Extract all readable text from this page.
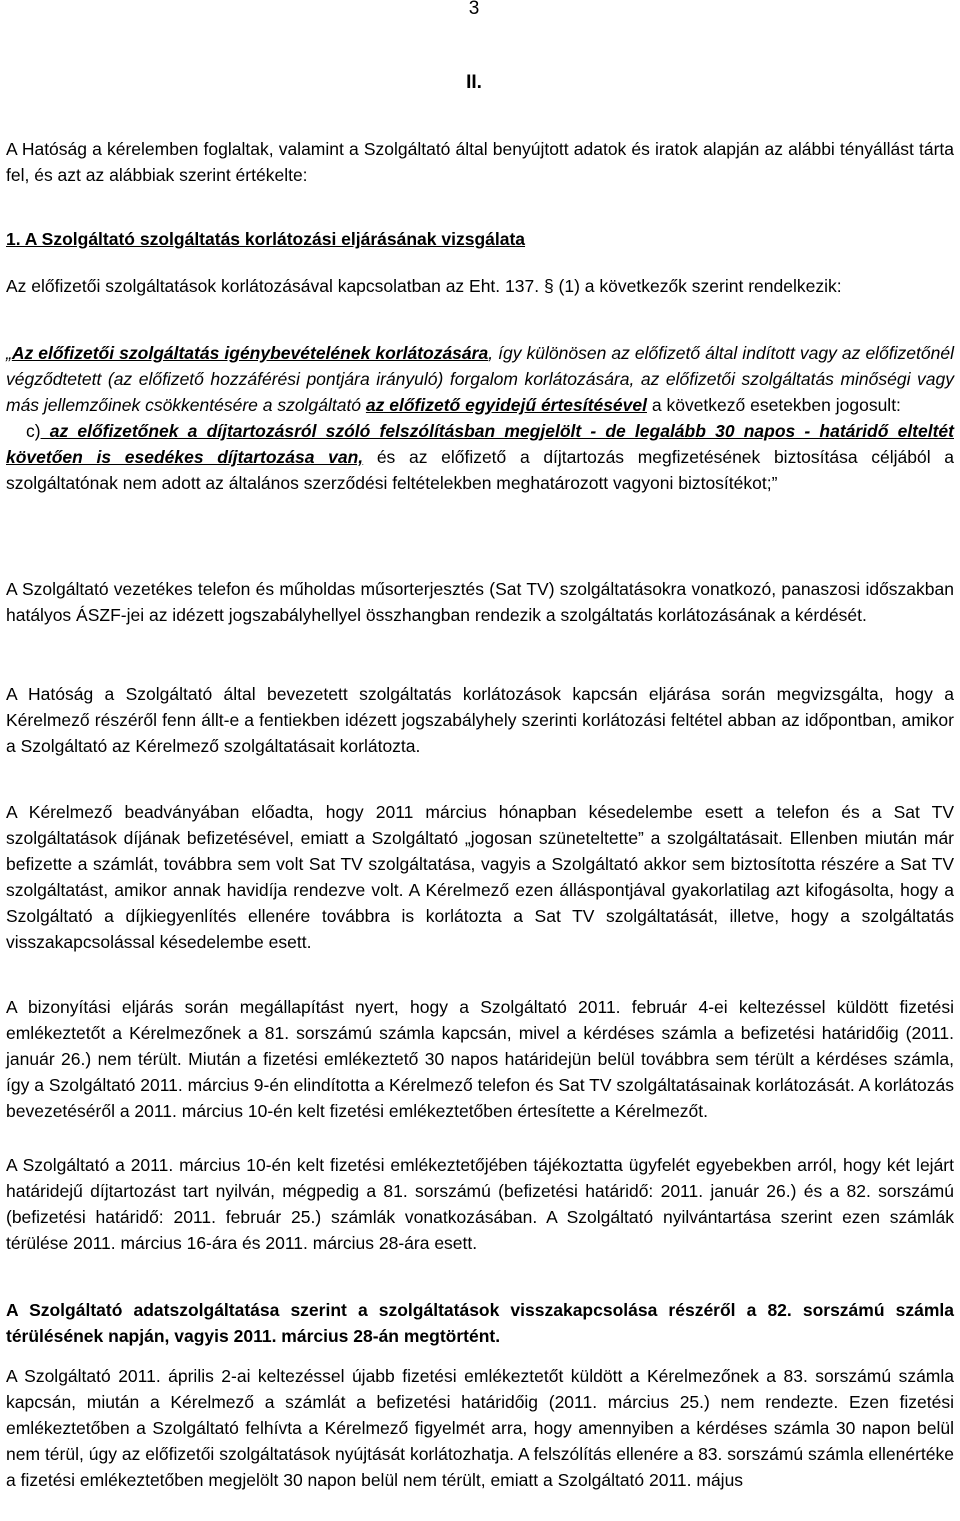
3
II.

A Hatóság a kérelemben foglaltak, valamint a Szolgáltató által benyújtott adatok és iratok alapján az alábbi tényállást tárta fel, és azt az alábbiak szerint értékelte:

1. A Szolgáltató szolgáltatás korlátozási eljárásának vizsgálata

Az előfizetői szolgáltatások korlátozásával kapcsolatban az Eht. 137. § (1) a következők szerint rendelkezik:

„Az előfizetői szolgáltatás igénybevételének korlátozására, így különösen az előfizető által indított vagy az előfizetőnél végződtetett (az előfizető hozzáférési pontjára irányuló) forgalom korlátozására, az előfizetői szolgáltatás minőségi vagy más jellemzőinek csökkentésére a szolgáltató az előfizető egyidejű értesítésével a következő esetekben jogosult:
c) az előfizetőnek a díjtartozásról szóló felszólításban megjelölt - de legalább 30 napos - határidő elteltét követően is esedékes díjtartozása van, és az előfizető a díjtartozás megfizetésének biztosítása céljából a szolgáltatónak nem adott az általános szerződési feltételekben meghatározott vagyoni biztosítékot;”

A Szolgáltató vezetékes telefon és műholdas műsorterjesztés (Sat TV) szolgáltatásokra vonatkozó, panaszosi időszakban hatályos ÁSZF-jei az idézett jogszabályhellyel összhangban rendezik a szolgáltatás korlátozásának a kérdését.

A Hatóság a Szolgáltató által bevezetett szolgáltatás korlátozások kapcsán eljárása során megvizsgálta, hogy a Kérelmező részéről fenn állt-e a fentiekben idézett jogszabályhely szerinti korlátozási feltétel abban az időpontban, amikor a Szolgáltató az Kérelmező szolgáltatásait korlátozta.

A Kérelmező beadványában előadta, hogy 2011 március hónapban késedelembe esett a telefon és a Sat TV szolgáltatások díjának befizetésével, emiatt a Szolgáltató „jogosan szüneteltette” a szolgáltatásait. Ellenben miután már befizette a számlát, továbbra sem volt Sat TV szolgáltatása, vagyis a Szolgáltató akkor sem biztosította részére a Sat TV szolgáltatást, amikor annak havidíja rendezve volt. A Kérelmező ezen álláspontjával gyakorlatilag azt kifogásolta, hogy a Szolgáltató a díjkiegyenlítés ellenére továbbra is korlátozta a Sat TV szolgáltatását, illetve, hogy a szolgáltatás visszakapcsolással késedelembe esett.

A bizonyítási eljárás során megállapítást nyert, hogy a Szolgáltató 2011. február 4-ei keltezéssel küldött fizetési emlékeztetőt a Kérelmezőnek a 81. sorszámú számla kapcsán, mivel a kérdéses számla a befizetési határidőig (2011. január 26.) nem térült. Miután a fizetési emlékeztető 30 napos határidejün belül továbbra sem térült a kérdéses számla, így a Szolgáltató 2011. március 9-én elindította a Kérelmező telefon és Sat TV szolgáltatásainak korlátozását. A korlátozás bevezetéséről a 2011. március 10-én kelt fizetési emlékeztetőben értesítette a Kérelmezőt.

A Szolgáltató a 2011. március 10-én kelt fizetési emlékeztetőjében tájékoztatta ügyfelét egyebekben arról, hogy két lejárt határidejű díjtartozást tart nyilván, mégpedig a 81. sorszámú (befizetési határidő: 2011. január 26.) és a 82. sorszámú (befizetési határidő: 2011. február 25.) számlák vonatkozásában. A Szolgáltató nyilvántartása szerint ezen számlák térülése 2011. március 16-ára és 2011. március 28-ára esett.

A Szolgáltató adatszolgáltatása szerint a szolgáltatások visszakapcsolása részéről a 82. sorszámú számla térülésének napján, vagyis 2011. március 28-án megtörtént.

A Szolgáltató 2011. április 2-ai keltezéssel újabb fizetési emlékeztetőt küldött a Kérelmezőnek a 83. sorszámú számla kapcsán, miután a Kérelmező a számlát a befizetési határidőig (2011. március 25.) nem rendezte. Ezen fizetési emlékeztetőben a Szolgáltató felhívta a Kérelmező figyelmét arra, hogy amennyiben a kérdéses számla 30 napon belül nem térül, úgy az előfizetői szolgáltatások nyújtását korlátozhatja. A felszólítás ellenére a 83. sorszámú számla ellenértéke a fizetési emlékeztetőben megjelölt 30 napon belül nem térült, emiatt a Szolgáltató 2011. május
